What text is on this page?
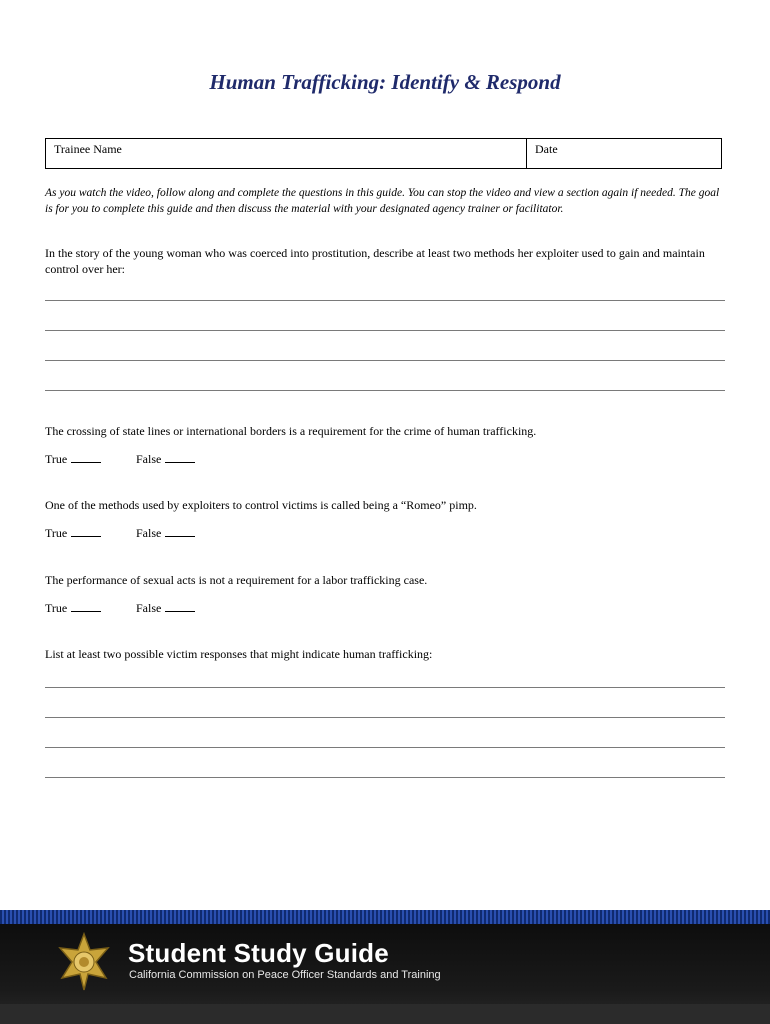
Human Trafficking: Identify & Respond
Trainee Name	Date
As you watch the video, follow along and complete the questions in this guide. You can stop the video and view a section again if needed. The goal is for you to complete this guide and then discuss the material with your designated agency trainer or facilitator.
In the story of the young woman who was coerced into prostitution, describe at least two methods her exploiter used to gain and maintain control over her:
The crossing of state lines or international borders is a requirement for the crime of human trafficking.
True	False
One of the methods used by exploiters to control victims is called being a “Romeo” pimp.
True	False
The performance of sexual acts is not a requirement for a labor trafficking case.
True	False
List at least two possible victim responses that might indicate human trafficking:
Student Study Guide
California Commission on Peace Officer Standards and Training
